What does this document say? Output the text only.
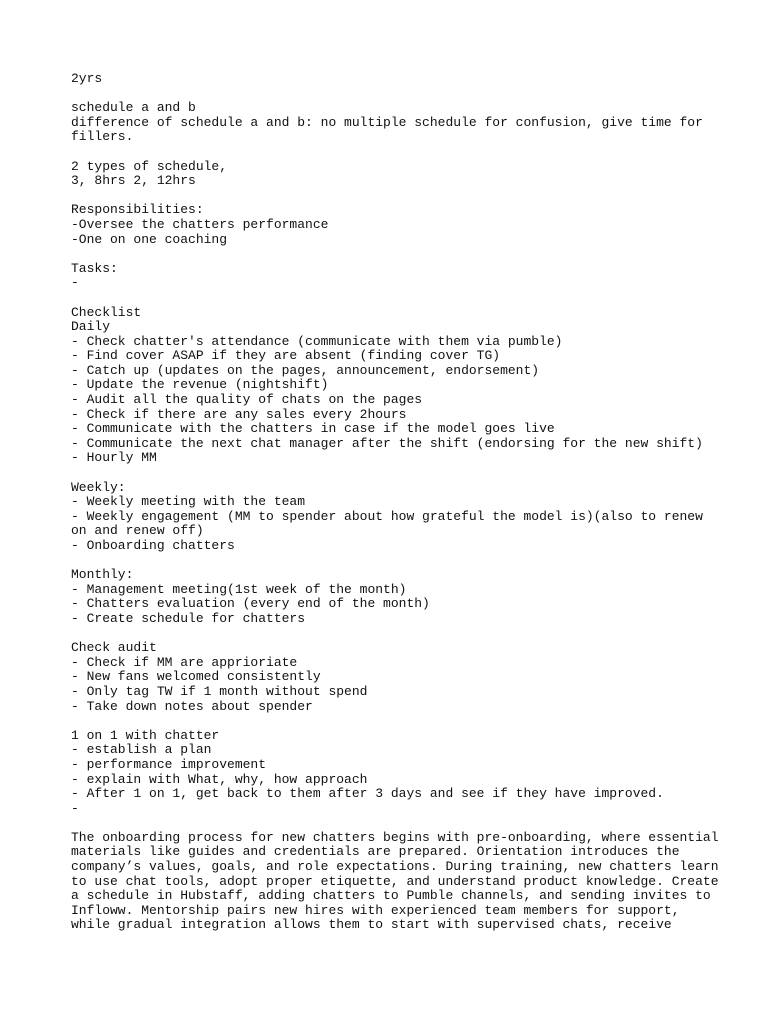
2yrs
schedule a and b
difference of schedule a and b: no multiple schedule for confusion, give time for
fillers.
2 types of schedule,
3, 8hrs 2, 12hrs
Responsibilities:
-Oversee the chatters performance
-One on one coaching
Tasks:
-
Checklist
Daily
- Check chatter's attendance (communicate with them via pumble)
- Find cover ASAP if they are absent (finding cover TG)
- Catch up (updates on the pages, announcement, endorsement)
- Update the revenue (nightshift)
- Audit all the quality of chats on the pages
- Check if there are any sales every 2hours
- Communicate with the chatters in case if the model goes live
- Communicate the next chat manager after the shift (endorsing for the new shift)
- Hourly MM
Weekly:
- Weekly meeting with the team
- Weekly engagement (MM to spender about how grateful the model is)(also to renew
on and renew off)
- Onboarding chatters
Monthly:
- Management meeting(1st week of the month)
- Chatters evaluation (every end of the month)
- Create schedule for chatters
Check audit
- Check if MM are apprioriate
- New fans welcomed consistently
- Only tag TW if 1 month without spend
- Take down notes about spender
1 on 1 with chatter
- establish a plan
- performance improvement
- explain with What, why, how approach
- After 1 on 1, get back to them after 3 days and see if they have improved.
-
The onboarding process for new chatters begins with pre-onboarding, where essential
materials like guides and credentials are prepared. Orientation introduces the
company’s values, goals, and role expectations. During training, new chatters learn
to use chat tools, adopt proper etiquette, and understand product knowledge. Create
a schedule in Hubstaff, adding chatters to Pumble channels, and sending invites to
Infloww. Mentorship pairs new hires with experienced team members for support,
while gradual integration allows them to start with supervised chats, receive
